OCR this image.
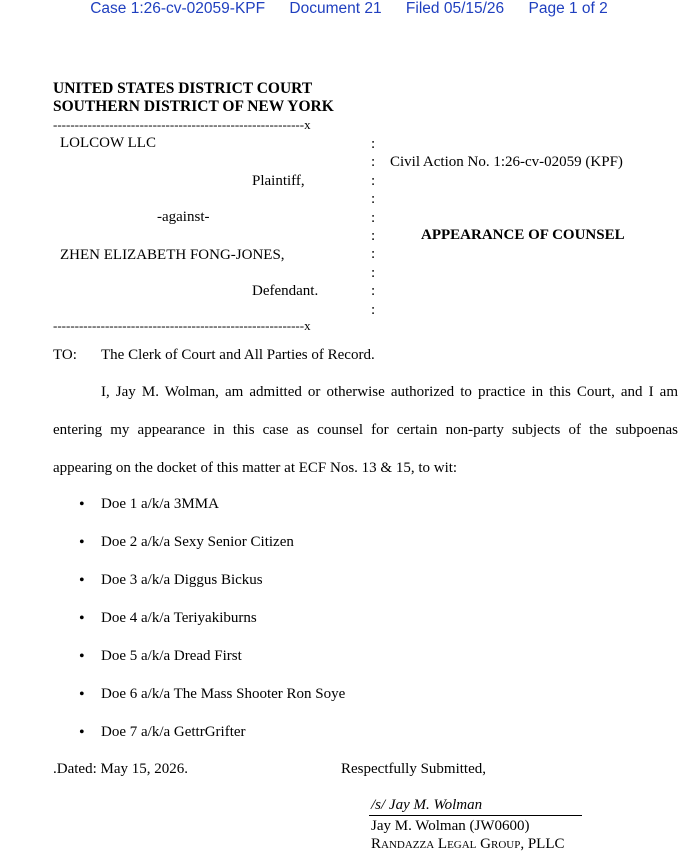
Case 1:26-cv-02059-KPF Document 21 Filed 05/15/26 Page 1 of 2
UNITED STATES DISTRICT COURT
SOUTHERN DISTRICT OF NEW YORK
----------------------------------------------------------x
LOLCOW LLC
Plaintiff,
-against-
ZHEN ELIZABETH FONG-JONES,
Defendant.
----------------------------------------------------------x
:
:
:
:
:
:
:
:
:
:
Civil Action No. 1:26-cv-02059 (KPF)
APPEARANCE OF COUNSEL
TO: The Clerk of Court and All Parties of Record.
I, Jay M. Wolman, am admitted or otherwise authorized to practice in this Court, and I am entering my appearance in this case as counsel for certain non-party subjects of the subpoenas appearing on the docket of this matter at ECF Nos. 13 & 15, to wit:
• Doe 1 a/k/a 3MMA
• Doe 2 a/k/a Sexy Senior Citizen
• Doe 3 a/k/a Diggus Bickus
• Doe 4 a/k/a Teriyakiburns
• Doe 5 a/k/a Dread First
• Doe 6 a/k/a The Mass Shooter Ron Soye
• Doe 7 a/k/a GettrGrifter
.Dated: May 15, 2026.	Respectfully Submitted,
/s/ Jay M. Wolman
Jay M. Wolman (JW0600)
Randazza Legal Group, PLLC
